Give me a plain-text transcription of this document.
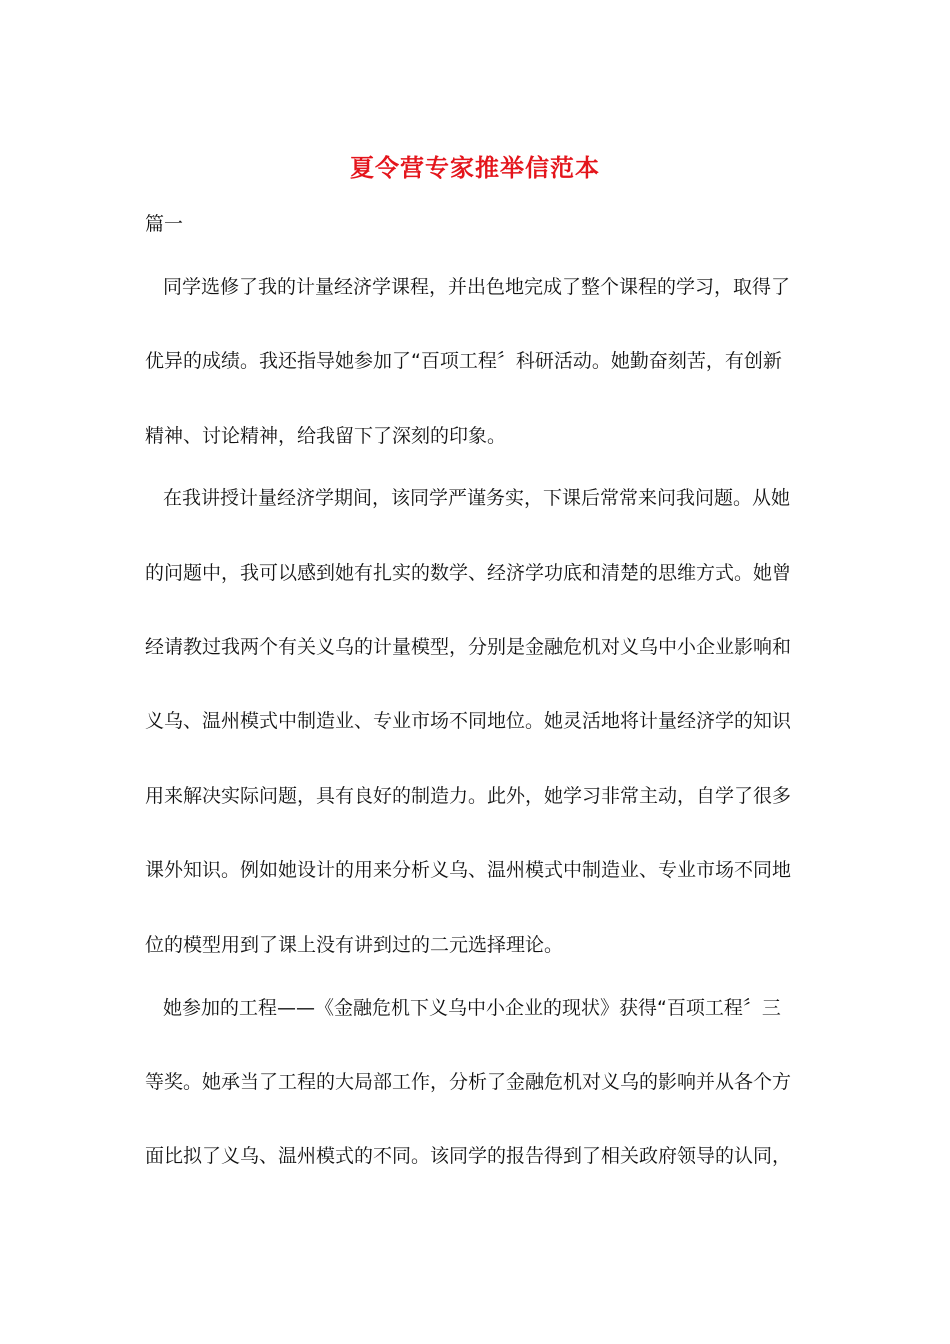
夏令营专家推举信范本
篇一
同学选修了我的计量经济学课程，并出色地完成了整个课程的学习，取得了
优异的成绩。我还指导她参加了“百项工程〞科研活动。她勤奋刻苦，有创新
精神、讨论精神，给我留下了深刻的印象。
在我讲授计量经济学期间，该同学严谨务实，下课后常常来问我问题。从她
的问题中，我可以感到她有扎实的数学、经济学功底和清楚的思维方式。她曾
经请教过我两个有关义乌的计量模型，分别是金融危机对义乌中小企业影响和
义乌、温州模式中制造业、专业市场不同地位。她灵活地将计量经济学的知识
用来解决实际问题，具有良好的制造力。此外，她学习非常主动，自学了很多
课外知识。例如她设计的用来分析义乌、温州模式中制造业、专业市场不同地
位的模型用到了课上没有讲到过的二元选择理论。
她参加的工程——《金融危机下义乌中小企业的现状》获得“百项工程〞三
等奖。她承当了工程的大局部工作，分析了金融危机对义乌的影响并从各个方
面比拟了义乌、温州模式的不同。该同学的报告得到了相关政府领导的认同，
